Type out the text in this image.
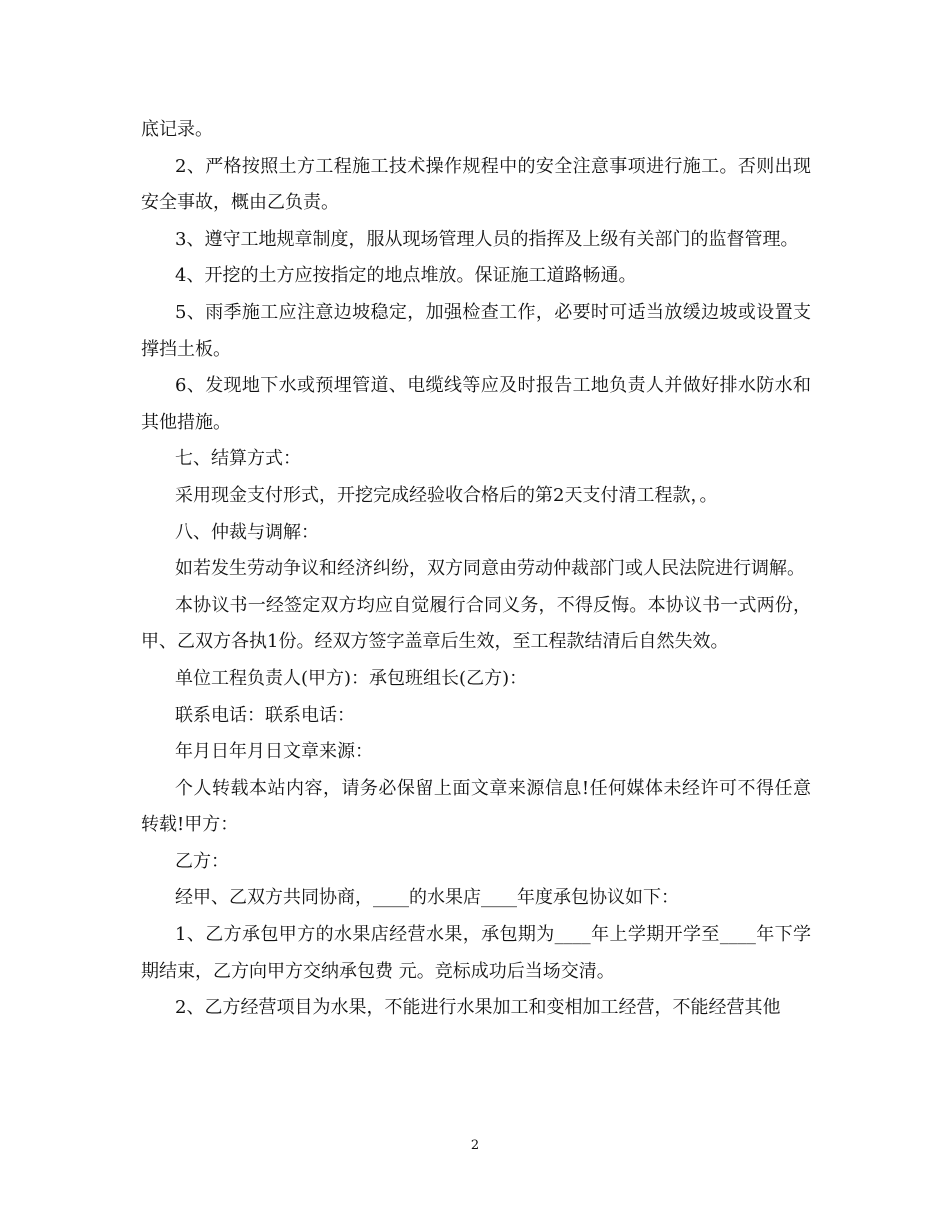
底记录。

2、严格按照土方工程施工技术操作规程中的安全注意事项进行施工。否则出现安全事故，概由乙负责。

3、遵守工地规章制度，服从现场管理人员的指挥及上级有关部门的监督管理。

4、开挖的土方应按指定的地点堆放。保证施工道路畅通。

5、雨季施工应注意边坡稳定，加强检查工作，必要时可适当放缓边坡或设置支撑挡土板。

6、发现地下水或预埋管道、电缆线等应及时报告工地负责人并做好排水防水和其他措施。

七、结算方式：

采用现金支付形式，开挖完成经验收合格后的第2天支付清工程款，。

八、仲裁与调解：

如若发生劳动争议和经济纠纷，双方同意由劳动仲裁部门或人民法院进行调解。

本协议书一经签定双方均应自觉履行合同义务，不得反悔。本协议书一式两份，甲、乙双方各执1份。经双方签字盖章后生效，至工程款结清后自然失效。

单位工程负责人(甲方)：承包班组长(乙方)：

联系电话：联系电话：

年月日年月日文章来源：

个人转载本站内容，请务必保留上面文章来源信息!任何媒体未经许可不得任意转载!甲方：

乙方：

经甲、乙双方共同协商，____的水果店____年度承包协议如下：

1、乙方承包甲方的水果店经营水果，承包期为____年上学期开学至____年下学期结束，乙方向甲方交纳承包费 元。竞标成功后当场交清。

2、乙方经营项目为水果，不能进行水果加工和变相加工经营，不能经营其他

2
